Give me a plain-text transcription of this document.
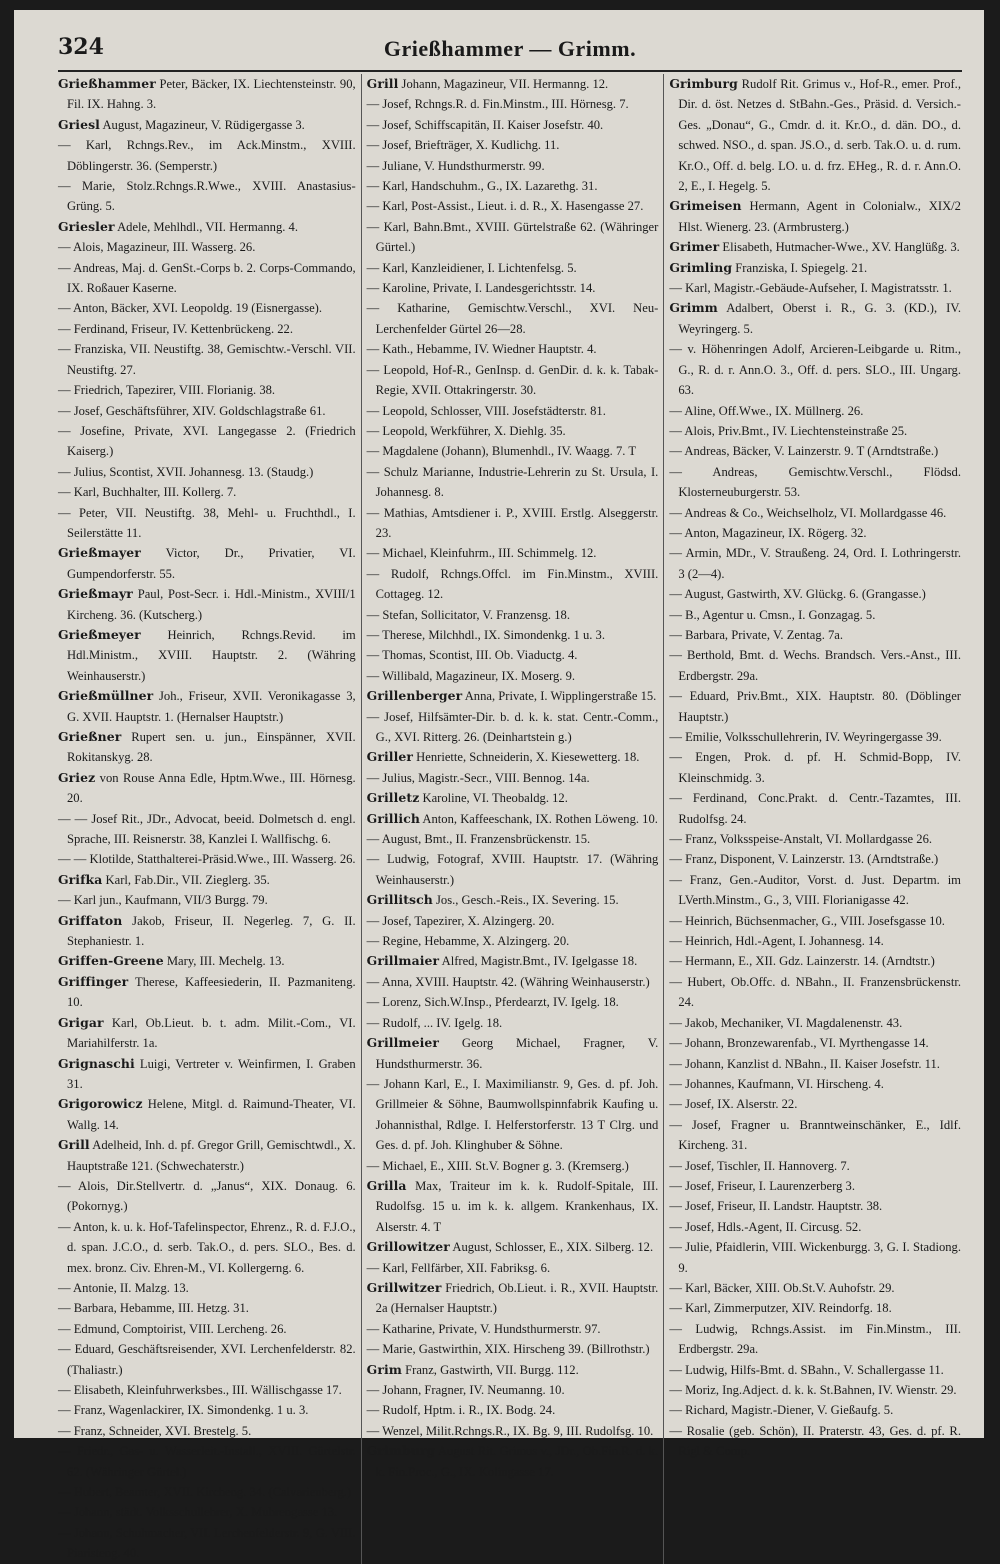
324	Grießhammer — Grimm.

Grießhammer Peter, Bäcker, IX. Liechtensteinstr. 90, Fil. IX. Hahng. 3.

Griesl August, Magazineur, V. Rüdigergasse 3.

— Karl, Rchngs.Rev., im Ack.Minstm., XVIII. Döblingerstr. 36. (Semperstr.)

— Marie, Stolz.Rchngs.R.Wwe., XVIII. Anastasius-Grüng. 5.

Griesler Adele, Mehlhdl., VII. Hermanng. 4.

— Alois, Magazineur, III. Wasserg. 26.

— Andreas, Maj. d. GenSt.-Corps b. 2. Corps-Commando, IX. Roßauer Kaserne.

— Anton, Bäcker, XVI. Leopoldg. 19 (Eisnergasse).

— Ferdinand, Friseur, IV. Kettenbrückeng. 22.

— Franziska, VII. Neustiftg. 38, Gemischtw.-Verschl. VII. Neustiftg. 27.

— Friedrich, Tapezirer, VIII. Florianig. 38.

— Josef, Geschäftsführer, XIV. Goldschlagstraße 61.

— Josefine, Private, XVI. Langegasse 2. (Friedrich Kaiserg.)

— Julius, Scontist, XVII. Johannesg. 13. (Staudg.)

— Karl, Buchhalter, III. Kollerg. 7.

— Peter, VII. Neustiftg. 38, Mehl- u. Fruchthdl., I. Seilerstätte 11.

Grießmayer Victor, Dr., Privatier, VI. Gumpendorferstr. 55.

Grießmayr Paul, Post-Secr. i. Hdl.-Ministm., XVIII/1 Kircheng. 36. (Kutscherg.)

Grießmeyer Heinrich, Rchngs.Revid. im Hdl.Ministm., XVIII. Hauptstr. 2. (Währing Weinhauserstr.)

Grießmüllner Joh., Friseur, XVII. Veronikagasse 3, G. XVII. Hauptstr. 1. (Hernalser Hauptstr.)

Grießner Rupert sen. u. jun., Einspänner, XVII. Rokitanskyg. 28.

Griez von Rouse Anna Edle, Hptm.Wwe., III. Hörnesg. 20.

— — Josef Rit., JDr., Advocat, beeid. Dolmetsch d. engl. Sprache, III. Reisnerstr. 38, Kanzlei I. Wallfischg. 6.

— — Klotilde, Statthalterei-Präsid.Wwe., III. Wasserg. 26.

Grifka Karl, Fab.Dir., VII. Zieglerg. 35.

— Karl jun., Kaufmann, VII/3 Burgg. 79.

Griffaton Jakob, Friseur, II. Negerleg. 7, G. II. Stephaniestr. 1.

Griffen-Greene Mary, III. Mechelg. 13.

Griffinger Therese, Kaffeesiederin, II. Pazmaniteng. 10.

Grigar Karl, Ob.Lieut. b. t. adm. Milit.-Com., VI. Mariahilferstr. 1a.

Grignaschi Luigi, Vertreter v. Weinfirmen, I. Graben 31.

Grigorowicz Helene, Mitgl. d. Raimund-Theater, VI. Wallg. 14.

Grill Adelheid, Inh. d. pf. Gregor Grill, Gemischtwdl., X. Hauptstraße 121. (Schwechaterstr.)

— Alois, Dir.Stellvertr. d. „Janus“, XIX. Donaug. 6. (Pokornyg.)

— Anton, k. u. k. Hof-Tafelinspector, Ehrenz., R. d. F.J.O., d. span. J.C.O., d. serb. Tak.O., d. pers. SLO., Bes. d. mex. bronz. Civ. Ehren-M., VI. Kollergerng. 6.

— Antonie, II. Malzg. 13.

— Barbara, Hebamme, III. Hetzg. 31.

— Edmund, Comptoirist, VIII. Lercheng. 26.

— Eduard, Geschäftsreisender, XVI. Lerchenfelderstr. 82. (Thaliastr.)

— Elisabeth, Kleinfuhrwerksbes., III. Wällischgasse 17.

— Franz, Wagenlackirer, IX. Simondenkg. 1 u. 3.

— Franz, Schneider, XVI. Brestelg. 5.

— Friedr., Gas- u. Wasserleit.-Install., XVIII. Gürtelstr. 62. (Währinger Gürtel.)

— Hubert, Beamter, XVII. Kircheng. 34. (Calvarienberg.)

— Johann, städt. Volksschullehrer, X. Muhrengasse 13.

— Johann, Schuhmacher, VII. Lerchenfelderstr. 9, G. VIII. Piaristeng. 40.

Grill Johann, Magazineur, VII. Hermanng. 12.

— Josef, Rchngs.R. d. Fin.Minstm., III. Hörnesg. 7.

— Josef, Schiffscapitän, II. Kaiser Josefstr. 40.

— Josef, Briefträger, X. Kudlichg. 11.

— Juliane, V. Hundsthurmerstr. 99.

— Karl, Handschuhm., G., IX. Lazarethg. 31.

— Karl, Post-Assist., Lieut. i. d. R., X. Hasengasse 27.

— Karl, Bahn.Bmt., XVIII. Gürtelstraße 62. (Währinger Gürtel.)

— Karl, Kanzleidiener, I. Lichtenfelsg. 5.

— Karoline, Private, I. Landesgerichtsstr. 14.

— Katharine, Gemischtw.Verschl., XVI. Neu-Lerchenfelder Gürtel 26—28.

— Kath., Hebamme, IV. Wiedner Hauptstr. 4.

— Leopold, Hof-R., GenInsp. d. GenDir. d. k. k. Tabak-Regie, XVII. Ottakringerstr. 30.

— Leopold, Schlosser, VIII. Josefstädterstr. 81.

— Leopold, Werkführer, X. Diehlg. 35.

— Magdalene (Johann), Blumenhdl., IV. Waagg. 7. T

— Schulz Marianne, Industrie-Lehrerin zu St. Ursula, I. Johannesg. 8.

— Mathias, Amtsdiener i. P., XVIII. Erstlg. Alseggerstr. 23.

— Michael, Kleinfuhrm., III. Schimmelg. 12.

— Rudolf, Rchngs.Offcl. im Fin.Minstm., XVIII. Cottageg. 12.

— Stefan, Sollicitator, V. Franzensg. 18.

— Therese, Milchhdl., IX. Simondenkg. 1 u. 3.

— Thomas, Scontist, III. Ob. Viaductg. 4.

— Willibald, Magazineur, IX. Moserg. 9.

Grillenberger Anna, Private, I. Wipplingerstraße 15.

— Josef, Hilfsämter-Dir. b. d. k. k. stat. Centr.-Comm., G., XVI. Ritterg. 26. (Deinhartstein g.)

Griller Henriette, Schneiderin, X. Kiesewetterg. 18.

— Julius, Magistr.-Secr., VIII. Bennog. 14a.

Grilletz Karoline, VI. Theobaldg. 12.

Grillich Anton, Kaffeeschank, IX. Rothen Löweng. 10.

— August, Bmt., II. Franzensbrückenstr. 15.

— Ludwig, Fotograf, XVIII. Hauptstr. 17. (Währing Weinhauserstr.)

Grillitsch Jos., Gesch.-Reis., IX. Severing. 15.

— Josef, Tapezirer, X. Alzingerg. 20.

— Regine, Hebamme, X. Alzingerg. 20.

Grillmaier Alfred, Magistr.Bmt., IV. Igelgasse 18.

— Anna, XVIII. Hauptstr. 42. (Währing Weinhauserstr.)

— Lorenz, Sich.W.Insp., Pferdearzt, IV. Igelg. 18.

— Rudolf, ... IV. Igelg. 18.

Grillmeier Georg Michael, Fragner, V. Hundsthurmerstr. 36.

— Johann Karl, E., I. Maximilianstr. 9, Ges. d. pf. Joh. Grillmeier & Söhne, Baumwollspinnfabrik Kaufing u. Johannisthal, Rdlge. I. Helferstorferstr. 13 T Clrg. und Ges. d. pf. Joh. Klinghuber & Söhne.

— Michael, E., XIII. St.V. Bogner g. 3. (Kremserg.)

Grilla Max, Traiteur im k. k. Rudolf-Spitale, III. Rudolfsg. 15 u. im k. k. allgem. Krankenhaus, IX. Alserstr. 4. T

Grillowitzer August, Schlosser, E., XIX. Silberg. 12.

— Karl, Fellfärber, XII. Fabriksg. 6.

Grillwitzer Friedrich, Ob.Lieut. i. R., XVII. Hauptstr. 2a (Hernalser Hauptstr.)

— Katharine, Private, V. Hundsthurmerstr. 97.

— Marie, Gastwirthin, XIX. Hirscheng 39. (Billrothstr.)

Grim Franz, Gastwirth, VII. Burgg. 112.

— Johann, Fragner, IV. Neumanng. 10.

— Rudolf, Hptm. i. R., IX. Bodg. 24.

— Wenzel, Milit.Rchngs.R., IX. Bg. 9, III. Rudolfsg. 10.

Grimburg August Rit. Grimus v., JDr., Ob.Fin.R. d. k. k. Fin.Proc., G., IX. Kolingasse 17.

Grimburg Rudolf Rit. Grimus v., Hof-R., emer. Prof., Dir. d. öst. Netzes d. StBahn.-Ges., Präsid. d. Versich.-Ges. „Donau“, G., Cmdr. d. it. Kr.O., d. dän. DO., d. schwed. NSO., d. span. JS.O., d. serb. Tak.O. u. d. rum. Kr.O., Off. d. belg. LO. u. d. frz. EHeg., R. d. r. Ann.O. 2, E., I. Hegelg. 5.

Grimeisen Hermann, Agent in Colonialw., XIX/2 Hlst. Wienerg. 23. (Armbrusterg.)

Grimer Elisabeth, Hutmacher-Wwe., XV. Hanglüßg. 3.

Grimling Franziska, I. Spiegelg. 21.

— Karl, Magistr.-Gebäude-Aufseher, I. Magistratsstr. 1.

Grimm Adalbert, Oberst i. R., G. 3. (KD.), IV. Weyringerg. 5.

— v. Höhenringen Adolf, Arcieren-Leibgarde u. Ritm., G., R. d. r. Ann.O. 3., Off. d. pers. SLO., III. Ungarg. 63.

— Aline, Off.Wwe., IX. Müllnerg. 26.

— Alois, Priv.Bmt., IV. Liechtensteinstraße 25.

— Andreas, Bäcker, V. Lainzerstr. 9. T (Arndtstraße.)

— Andreas, Gemischtw.Verschl., Flödsd. Klosterneuburgerstr. 53.

— Andreas & Co., Weichselholz, VI. Mollardgasse 46.

— Anton, Magazineur, IX. Rögerg. 32.

— Armin, MDr., V. Straußeng. 24, Ord. I. Lothringerstr. 3 (2—4).

— August, Gastwirth, XV. Glückg. 6. (Grangasse.)

— B., Agentur u. Cmsn., I. Gonzagag. 5.

— Barbara, Private, V. Zentag. 7a.

— Berthold, Bmt. d. Wechs. Brandsch. Vers.-Anst., III. Erdbergstr. 29a.

— Eduard, Priv.Bmt., XIX. Hauptstr. 80. (Döblinger Hauptstr.)

— Emilie, Volksschullehrerin, IV. Weyringergasse 39.

— Engen, Prok. d. pf. H. Schmid-Bopp, IV. Kleinschmidg. 3.

— Ferdinand, Conc.Prakt. d. Centr.-Tazamtes, III. Rudolfsg. 24.

— Franz, Volksspeise-Anstalt, VI. Mollardgasse 26.

— Franz, Disponent, V. Lainzerstr. 13. (Arndtstraße.)

— Franz, Gen.-Auditor, Vorst. d. Just. Departm. im LVerth.Minstm., G., 3, VIII. Florianigasse 42.

— Heinrich, Büchsenmacher, G., VIII. Josefsgasse 10.

— Heinrich, Hdl.-Agent, I. Johannesg. 14.

— Hermann, E., XII. Gdz. Lainzerstr. 14. (Arndtstr.)

— Hubert, Ob.Offc. d. NBahn., II. Franzensbrückenstr. 24.

— Jakob, Mechaniker, VI. Magdalenenstr. 43.

— Johann, Bronzewarenfab., VI. Myrthengasse 14.

— Johann, Kanzlist d. NBahn., II. Kaiser Josefstr. 11.

— Johannes, Kaufmann, VI. Hirscheng. 4.

— Josef, IX. Alserstr. 22.

— Josef, Fragner u. Branntweinschänker, E., Idlf. Kircheng. 31.

— Josef, Tischler, II. Hannoverg. 7.

— Josef, Friseur, I. Laurenzerberg 3.

— Josef, Friseur, II. Landstr. Hauptstr. 38.

— Josef, Hdls.-Agent, II. Circusg. 52.

— Julie, Pfaidlerin, VIII. Wickenburgg. 3, G. I. Stadiong. 9.

— Karl, Bäcker, XIII. Ob.St.V. Auhofstr. 29.

— Karl, Zimmerputzer, XIV. Reindorfg. 18.

— Ludwig, Rchngs.Assist. im Fin.Minstm., III. Erdbergstr. 29a.

— Ludwig, Hilfs-Bmt. d. SBahn., V. Schallergasse 11.

— Moriz, Ing.Adject. d. k. k. St.Bahnen, IV. Wienstr. 29.

— Richard, Magistr.-Diener, V. Gießaufg. 5.

— Rosalie (geb. Schön), II. Praterstr. 43, Ges. d. pf. R. Rigl & Comp.
